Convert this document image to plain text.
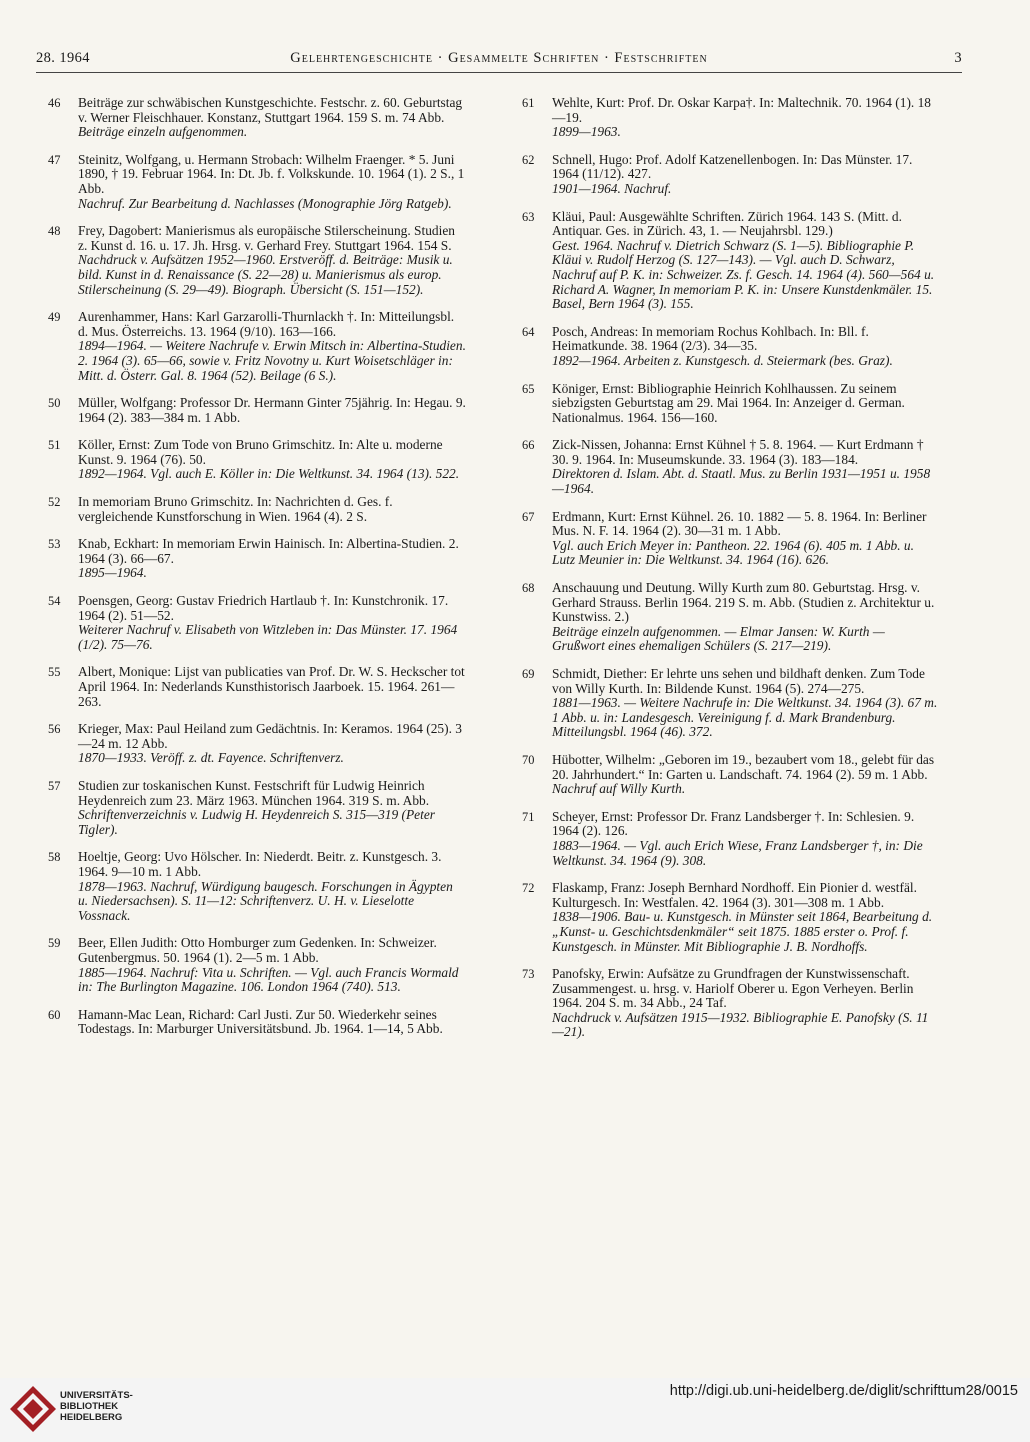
28. 1964	Gelehrtengeschichte · Gesammelte Schriften · Festschriften	3
46 Beiträge zur schwäbischen Kunstgeschichte. Festschr. z. 60. Geburtstag v. Werner Fleischhauer. Konstanz, Stuttgart 1964. 159 S. m. 74 Abb.
Beiträge einzeln aufgenommen.
47 Steinitz, Wolfgang, u. Hermann Strobach: Wilhelm Fraenger. * 5. Juni 1890, † 19. Februar 1964. In: Dt. Jb. f. Volkskunde. 10. 1964 (1). 2 S., 1 Abb.
Nachruf. Zur Bearbeitung d. Nachlasses (Monographie Jörg Ratgeb).
48 Frey, Dagobert: Manierismus als europäische Stilerscheinung. Studien z. Kunst d. 16. u. 17. Jh. Hrsg. v. Gerhard Frey. Stuttgart 1964. 154 S.
Nachdruck v. Aufsätzen 1952—1960. Erstveröff. d. Beiträge: Musik u. bild. Kunst in d. Renaissance (S. 22—28) u. Manierismus als europ. Stilerscheinung (S. 29—49). Biograph. Übersicht (S. 151—152).
49 Aurenhammer, Hans: Karl Garzarolli-Thurnlackh †. In: Mitteilungsbl. d. Mus. Österreichs. 13. 1964 (9/10). 163—166.
1894—1964. — Weitere Nachrufe v. Erwin Mitsch in: Albertina-Studien. 2. 1964 (3). 65—66, sowie v. Fritz Novotny u. Kurt Woisetschläger in: Mitt. d. Österr. Gal. 8. 1964 (52). Beilage (6 S.).
50 Müller, Wolfgang: Professor Dr. Hermann Ginter 75jährig. In: Hegau. 9. 1964 (2). 383—384 m. 1 Abb.
51 Köller, Ernst: Zum Tode von Bruno Grimschitz. In: Alte u. moderne Kunst. 9. 1964 (76). 50.
1892—1964. Vgl. auch E. Köller in: Die Weltkunst. 34. 1964 (13). 522.
52 In memoriam Bruno Grimschitz. In: Nachrichten d. Ges. f. vergleichende Kunstforschung in Wien. 1964 (4). 2 S.
53 Knab, Eckhart: In memoriam Erwin Hainisch. In: Albertina-Studien. 2. 1964 (3). 66—67.
1895—1964.
54 Poensgen, Georg: Gustav Friedrich Hartlaub †. In: Kunstchronik. 17. 1964 (2). 51—52.
Weiterer Nachruf v. Elisabeth von Witzleben in: Das Münster. 17. 1964 (1/2). 75—76.
55 Albert, Monique: Lijst van publicaties van Prof. Dr. W. S. Heckscher tot April 1964. In: Nederlands Kunsthistorisch Jaarboek. 15. 1964. 261—263.
56 Krieger, Max: Paul Heiland zum Gedächtnis. In: Keramos. 1964 (25). 3—24 m. 12 Abb.
1870—1933. Veröff. z. dt. Fayence. Schriftenverz.
57 Studien zur toskanischen Kunst. Festschrift für Ludwig Heinrich Heydenreich zum 23. März 1963. München 1964. 319 S. m. Abb.
Schriftenverzeichnis v. Ludwig H. Heydenreich S. 315—319 (Peter Tigler).
58 Hoeltje, Georg: Uvo Hölscher. In: Niederdt. Beitr. z. Kunstgesch. 3. 1964. 9—10 m. 1 Abb.
1878—1963. Nachruf, Würdigung baugesch. Forschungen in Ägypten u. Niedersachsen). S. 11—12: Schriftenverz. U. H. v. Lieselotte Vossnack.
59 Beer, Ellen Judith: Otto Homburger zum Gedenken. In: Schweizer. Gutenbergmus. 50. 1964 (1). 2—5 m. 1 Abb.
1885—1964. Nachruf: Vita u. Schriften. — Vgl. auch Francis Wormald in: The Burlington Magazine. 106. London 1964 (740). 513.
60 Hamann-Mac Lean, Richard: Carl Justi. Zur 50. Wiederkehr seines Todestags. In: Marburger Universitätsbund. Jb. 1964. 1—14, 5 Abb.
61 Wehlte, Kurt: Prof. Dr. Oskar Karpa†. In: Maltechnik. 70. 1964 (1). 18—19.
1899—1963.
62 Schnell, Hugo: Prof. Adolf Katzenellenbogen. In: Das Münster. 17. 1964 (11/12). 427.
1901—1964. Nachruf.
63 Kläui, Paul: Ausgewählte Schriften. Zürich 1964. 143 S. (Mitt. d. Antiquar. Ges. in Zürich. 43, 1. — Neujahrsbl. 129.)
Gest. 1964. Nachruf v. Dietrich Schwarz (S. 1—5). Bibliographie P. Kläui v. Rudolf Herzog (S. 127—143). — Vgl. auch D. Schwarz, Nachruf auf P. K. in: Schweizer. Zs. f. Gesch. 14. 1964 (4). 560—564 u. Richard A. Wagner, In memoriam P. K. in: Unsere Kunstdenkmäler. 15. Basel, Bern 1964 (3). 155.
64 Posch, Andreas: In memoriam Rochus Kohlbach. In: Bll. f. Heimatkunde. 38. 1964 (2/3). 34—35.
1892—1964. Arbeiten z. Kunstgesch. d. Steiermark (bes. Graz).
65 Königer, Ernst: Bibliographie Heinrich Kohlhaussen. Zu seinem siebzigsten Geburtstag am 29. Mai 1964. In: Anzeiger d. German. Nationalmus. 1964. 156—160.
66 Zick-Nissen, Johanna: Ernst Kühnel † 5. 8. 1964. — Kurt Erdmann † 30. 9. 1964. In: Museumskunde. 33. 1964 (3). 183—184.
Direktoren d. Islam. Abt. d. Staatl. Mus. zu Berlin 1931—1951 u. 1958—1964.
67 Erdmann, Kurt: Ernst Kühnel. 26. 10. 1882 — 5. 8. 1964. In: Berliner Mus. N. F. 14. 1964 (2). 30—31 m. 1 Abb.
Vgl. auch Erich Meyer in: Pantheon. 22. 1964 (6). 405 m. 1 Abb. u. Lutz Meunier in: Die Weltkunst. 34. 1964 (16). 626.
68 Anschauung und Deutung. Willy Kurth zum 80. Geburtstag. Hrsg. v. Gerhard Strauss. Berlin 1964. 219 S. m. Abb. (Studien z. Architektur u. Kunstwiss. 2.)
Beiträge einzeln aufgenommen. — Elmar Jansen: W. Kurth — Grußwort eines ehemaligen Schülers (S. 217—219).
69 Schmidt, Diether: Er lehrte uns sehen und bildhaft denken. Zum Tode von Willy Kurth. In: Bildende Kunst. 1964 (5). 274—275.
1881—1963. — Weitere Nachrufe in: Die Weltkunst. 34. 1964 (3). 67 m. 1 Abb. u. in: Landesgesch. Vereinigung f. d. Mark Brandenburg. Mitteilungsbl. 1964 (46). 372.
70 Hübotter, Wilhelm: „Geboren im 19., bezaubert vom 18., gelebt für das 20. Jahrhundert.“ In: Garten u. Landschaft. 74. 1964 (2). 59 m. 1 Abb.
Nachruf auf Willy Kurth.
71 Scheyer, Ernst: Professor Dr. Franz Landsberger †. In: Schlesien. 9. 1964 (2). 126.
1883—1964. — Vgl. auch Erich Wiese, Franz Landsberger †, in: Die Weltkunst. 34. 1964 (9). 308.
72 Flaskamp, Franz: Joseph Bernhard Nordhoff. Ein Pionier d. westfäl. Kulturgesch. In: Westfalen. 42. 1964 (3). 301—308 m. 1 Abb.
1838—1906. Bau- u. Kunstgesch. in Münster seit 1864, Bearbeitung d. „Kunst- u. Geschichtsdenkmäler“ seit 1875. 1885 erster o. Prof. f. Kunstgesch. in Münster. Mit Bibliographie J. B. Nordhoffs.
73 Panofsky, Erwin: Aufsätze zu Grundfragen der Kunstwissenschaft. Zusammengest. u. hrsg. v. Hariolf Oberer u. Egon Verheyen. Berlin 1964. 204 S. m. 34 Abb., 24 Taf.
Nachdruck v. Aufsätzen 1915—1932. Bibliographie E. Panofsky (S. 11—21).
UNIVERSITÄTS- BIBLIOTHEK HEIDELBERG
http://digi.ub.uni-heidelberg.de/diglit/schrifttum28/0015
